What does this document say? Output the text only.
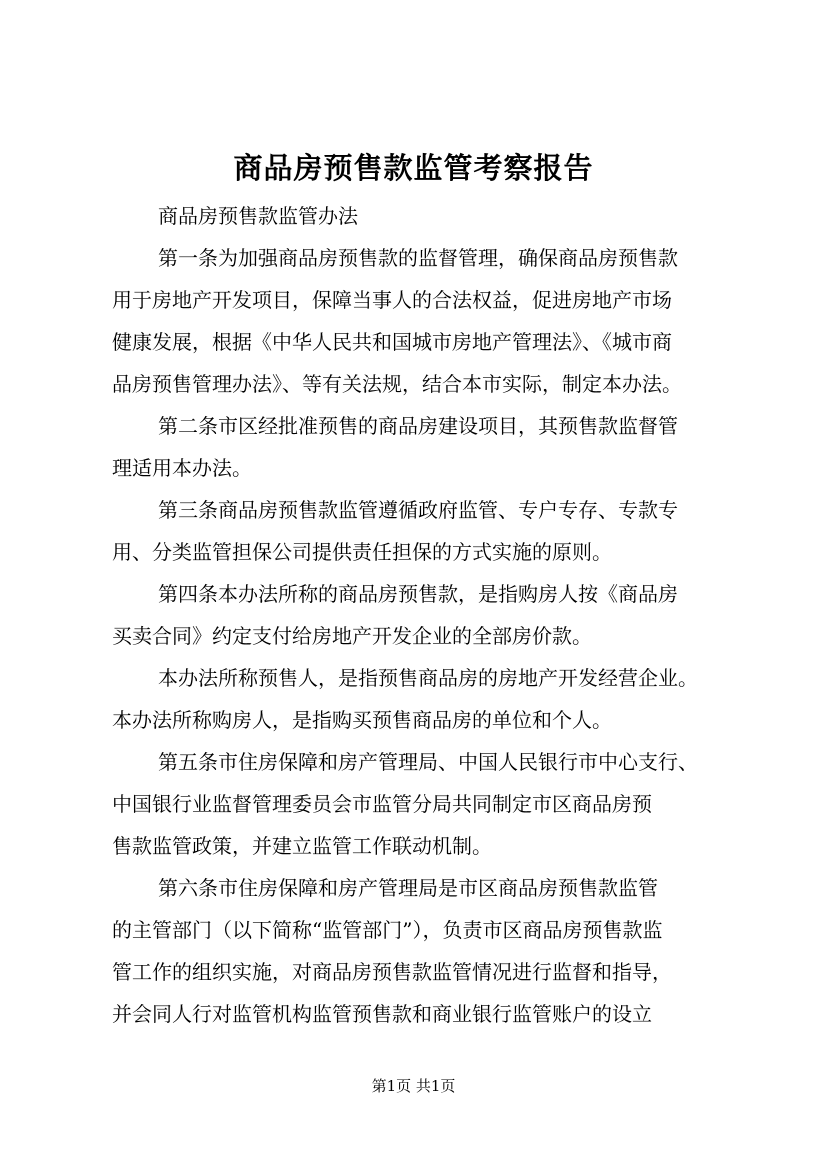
商品房预售款监管考察报告

商品房预售款监管办法

第一条为加强商品房预售款的监督管理，确保商品房预售款

用于房地产开发项目，保障当事人的合法权益，促进房地产市场

健康发展，根据《中华人民共和国城市房地产管理法》、《城市商

品房预售管理办法》、等有关法规，结合本市实际，制定本办法。

第二条市区经批准预售的商品房建设项目，其预售款监督管

理适用本办法。

第三条商品房预售款监管遵循政府监管、专户专存、专款专

用、分类监管担保公司提供责任担保的方式实施的原则。

第四条本办法所称的商品房预售款，是指购房人按《商品房

买卖合同》约定支付给房地产开发企业的全部房价款。

本办法所称预售人，是指预售商品房的房地产开发经营企业。

本办法所称购房人，是指购买预售商品房的单位和个人。

第五条市住房保障和房产管理局、中国人民银行市中心支行、

中国银行业监督管理委员会市监管分局共同制定市区商品房预

售款监管政策，并建立监管工作联动机制。

第六条市住房保障和房产管理局是市区商品房预售款监管

的主管部门（以下简称“监管部门”），负责市区商品房预售款监

管工作的组织实施，对商品房预售款监管情况进行监督和指导，

并会同人行对监管机构监管预售款和商业银行监管账户的设立

第1页 共1页
